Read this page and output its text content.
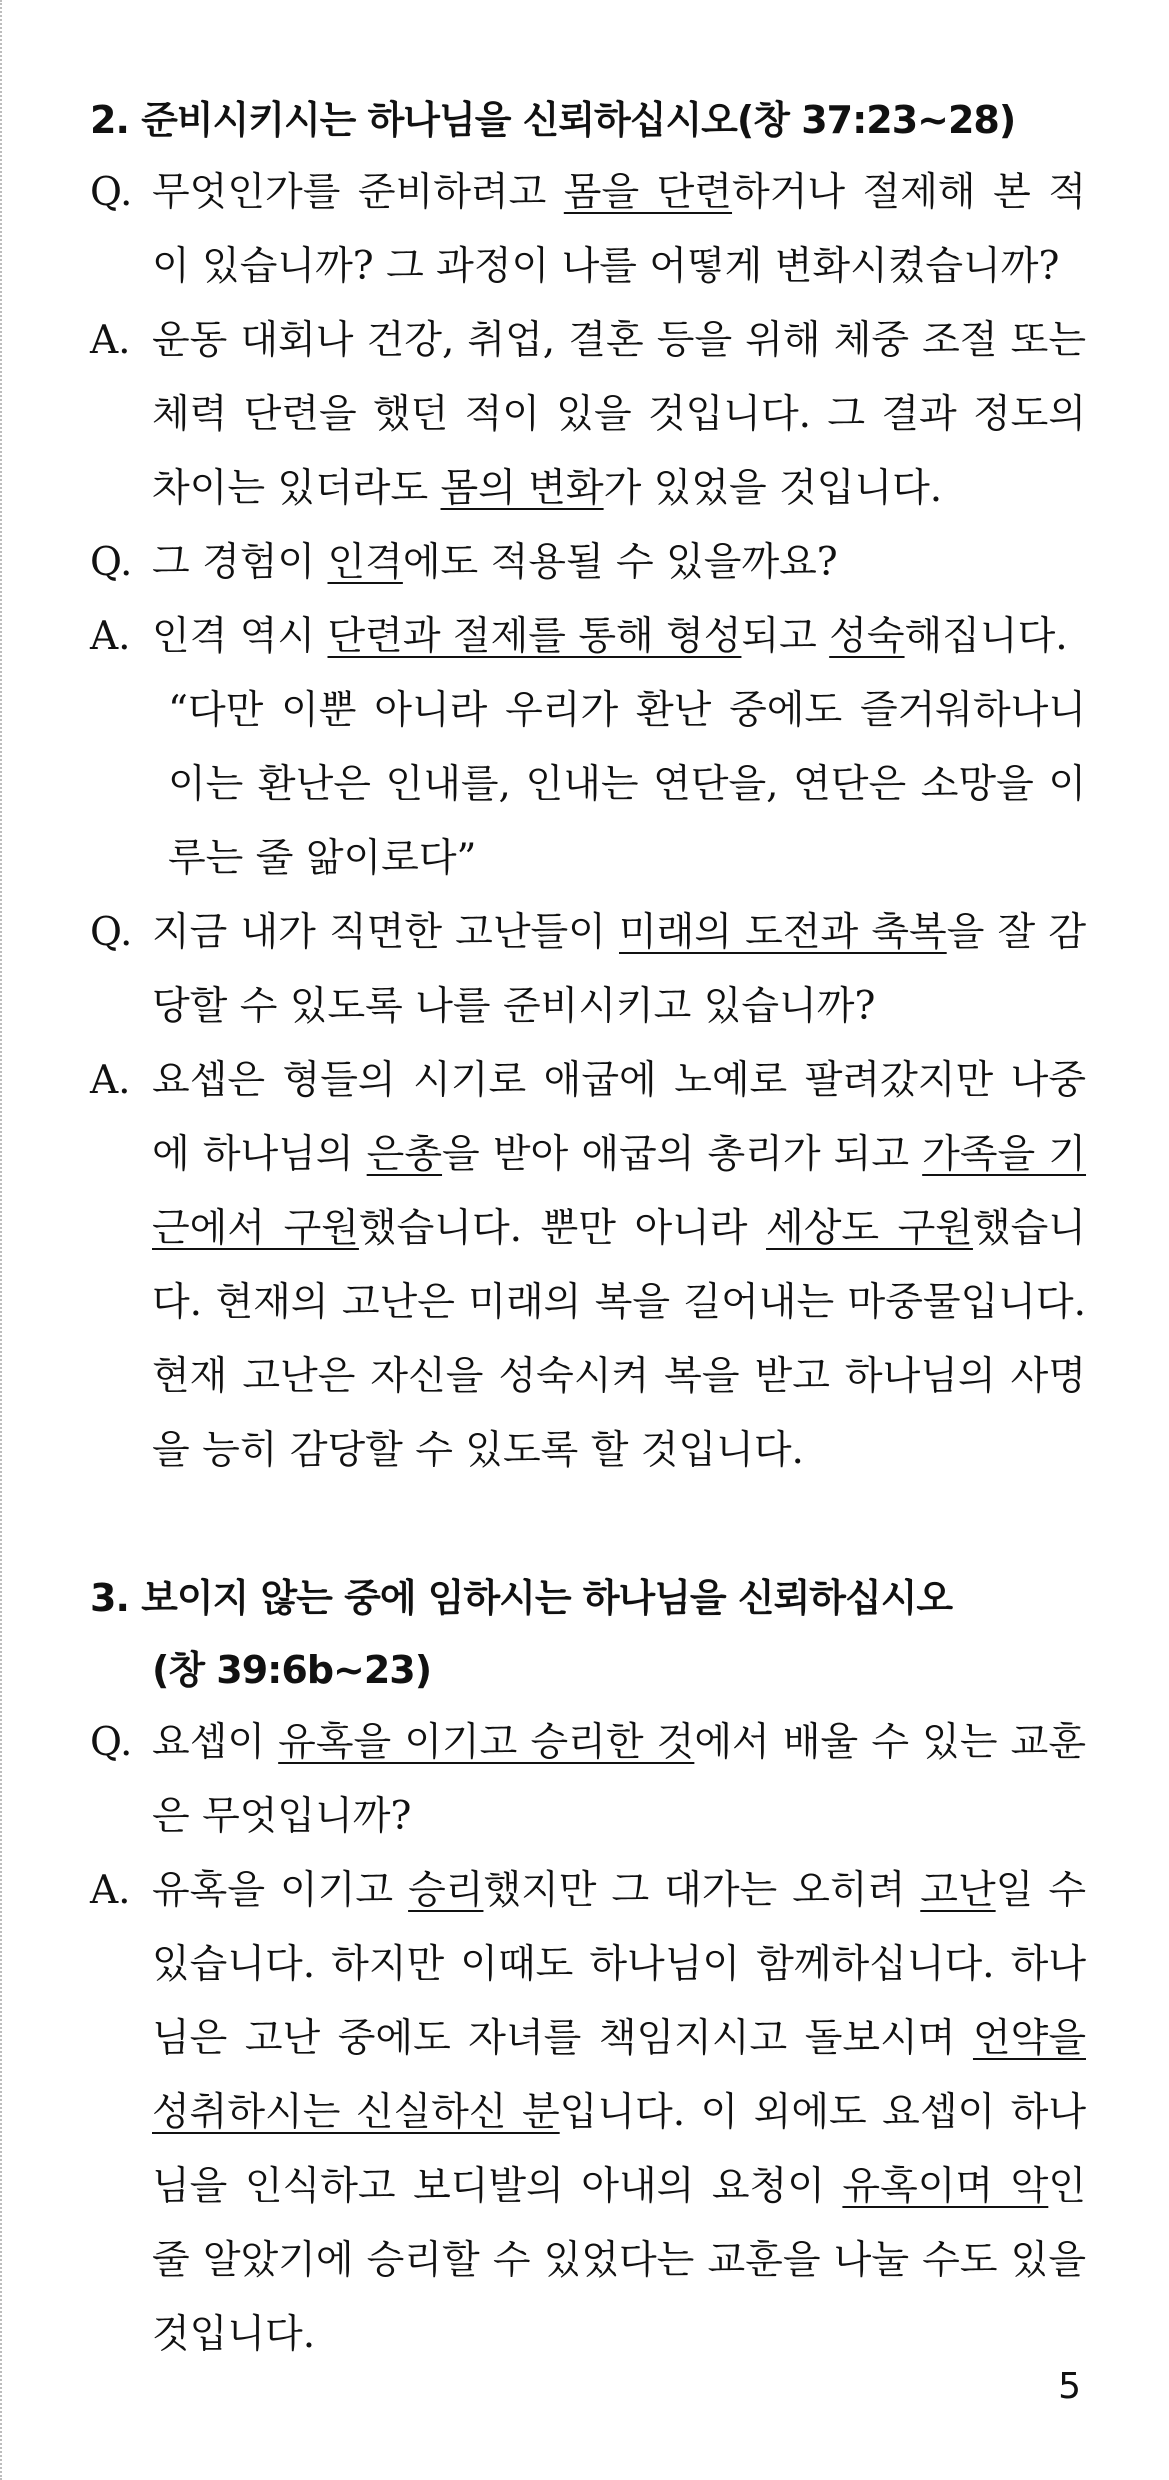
2. 준비시키시는 하나님을 신뢰하십시오(창 37:23~28)

Q. 무엇인가를 준비하려고 몸을 단련하거나 절제해 본 적이 있습니까? 그 과정이 나를 어떻게 변화시켰습니까?

A. 운동 대회나 건강, 취업, 결혼 등을 위해 체중 조절 또는 체력 단련을 했던 적이 있을 것입니다. 그 결과 정도의 차이는 있더라도 몸의 변화가 있었을 것입니다.

Q. 그 경험이 인격에도 적용될 수 있을까요?

A. 인격 역시 단련과 절제를 통해 형성되고 성숙해집니다.
“다만 이뿐 아니라 우리가 환난 중에도 즐거워하나니 이는 환난은 인내를, 인내는 연단을, 연단은 소망을 이루는 줄 앎이로다”

Q. 지금 내가 직면한 고난들이 미래의 도전과 축복을 잘 감당할 수 있도록 나를 준비시키고 있습니까?

A. 요셉은 형들의 시기로 애굽에 노예로 팔려갔지만 나중에 하나님의 은총을 받아 애굽의 총리가 되고 가족을 기근에서 구원했습니다. 뿐만 아니라 세상도 구원했습니다. 현재의 고난은 미래의 복을 길어내는 마중물입니다. 현재 고난은 자신을 성숙시켜 복을 받고 하나님의 사명을 능히 감당할 수 있도록 할 것입니다.

3. 보이지 않는 중에 임하시는 하나님을 신뢰하십시오
(창 39:6b~23)

Q. 요셉이 유혹을 이기고 승리한 것에서 배울 수 있는 교훈은 무엇입니까?

A. 유혹을 이기고 승리했지만 그 대가는 오히려 고난일 수 있습니다. 하지만 이때도 하나님이 함께하십니다. 하나님은 고난 중에도 자녀를 책임지시고 돌보시며 언약을 성취하시는 신실하신 분입니다. 이 외에도 요셉이 하나님을 인식하고 보디발의 아내의 요청이 유혹이며 악인 줄 알았기에 승리할 수 있었다는 교훈을 나눌 수도 있을 것입니다.

5
